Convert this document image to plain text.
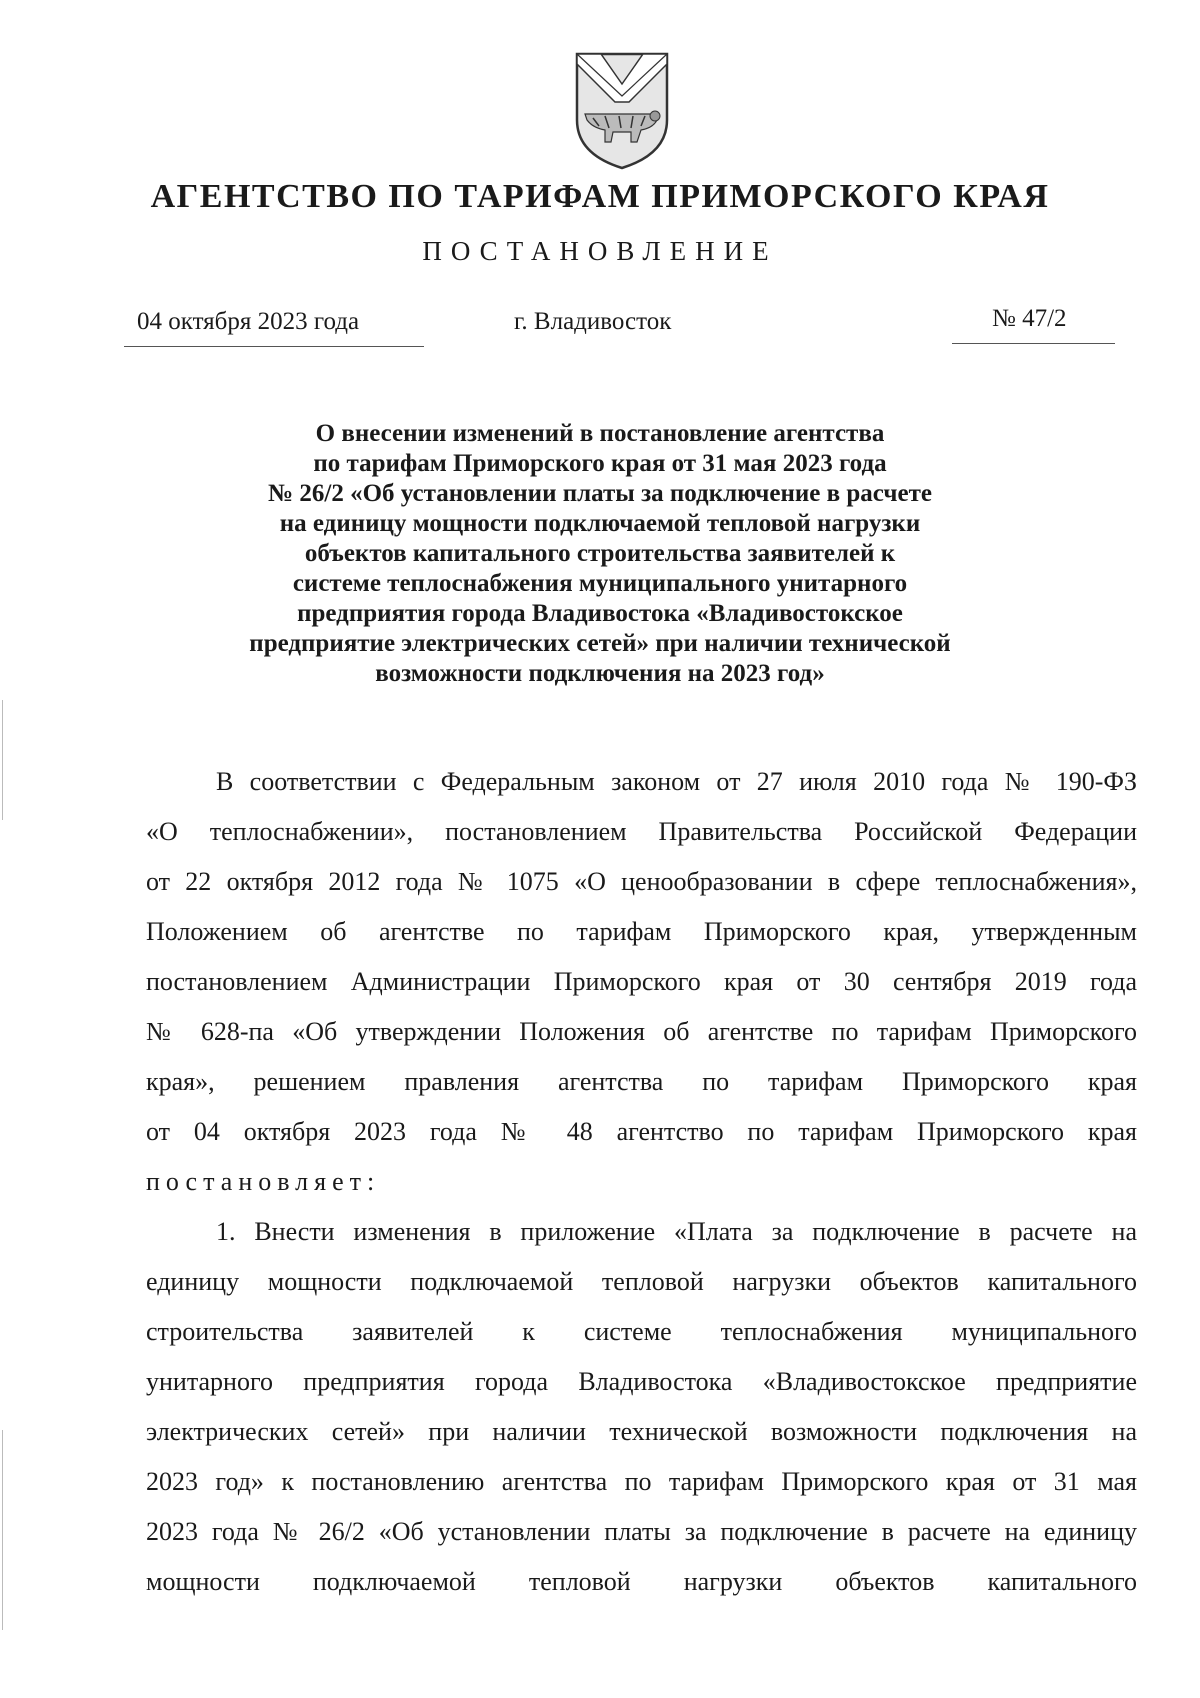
АГЕНТСТВО ПО ТАРИФАМ ПРИМОРСКОГО КРАЯ
ПОСТАНОВЛЕНИЕ
04 октября 2023 года	г. Владивосток	№ 47/2
О внесении изменений в постановление агентства
по тарифам Приморского края от 31 мая 2023 года
№ 26/2 «Об установлении платы за подключение в расчете
на единицу мощности подключаемой тепловой нагрузки
объектов капитального строительства заявителей к
системе теплоснабжения муниципального унитарного
предприятия города Владивостока «Владивостокское
предприятие электрических сетей» при наличии технической
возможности подключения на 2023 год»
В соответствии с Федеральным законом от 27 июля 2010 года № 190-ФЗ
«О теплоснабжении», постановлением Правительства Российской Федерации
от 22 октября 2012 года № 1075 «О ценообразовании в сфере теплоснабжения»,
Положением об агентстве по тарифам Приморского края, утвержденным
постановлением Администрации Приморского края от 30 сентября 2019 года
№ 628-па «Об утверждении Положения об агентстве по тарифам Приморского
края», решением правления агентства по тарифам Приморского края
от 04 октября 2023 года № 48 агентство по тарифам Приморского края
постановляет:
1. Внести изменения в приложение «Плата за подключение в расчете на
единицу мощности подключаемой тепловой нагрузки объектов капитального
строительства заявителей к системе теплоснабжения муниципального
унитарного предприятия города Владивостока «Владивостокское предприятие
электрических сетей» при наличии технической возможности подключения на
2023 год» к постановлению агентства по тарифам Приморского края от 31 мая
2023 года № 26/2 «Об установлении платы за подключение в расчете на единицу
мощности подключаемой тепловой нагрузки объектов капитального
